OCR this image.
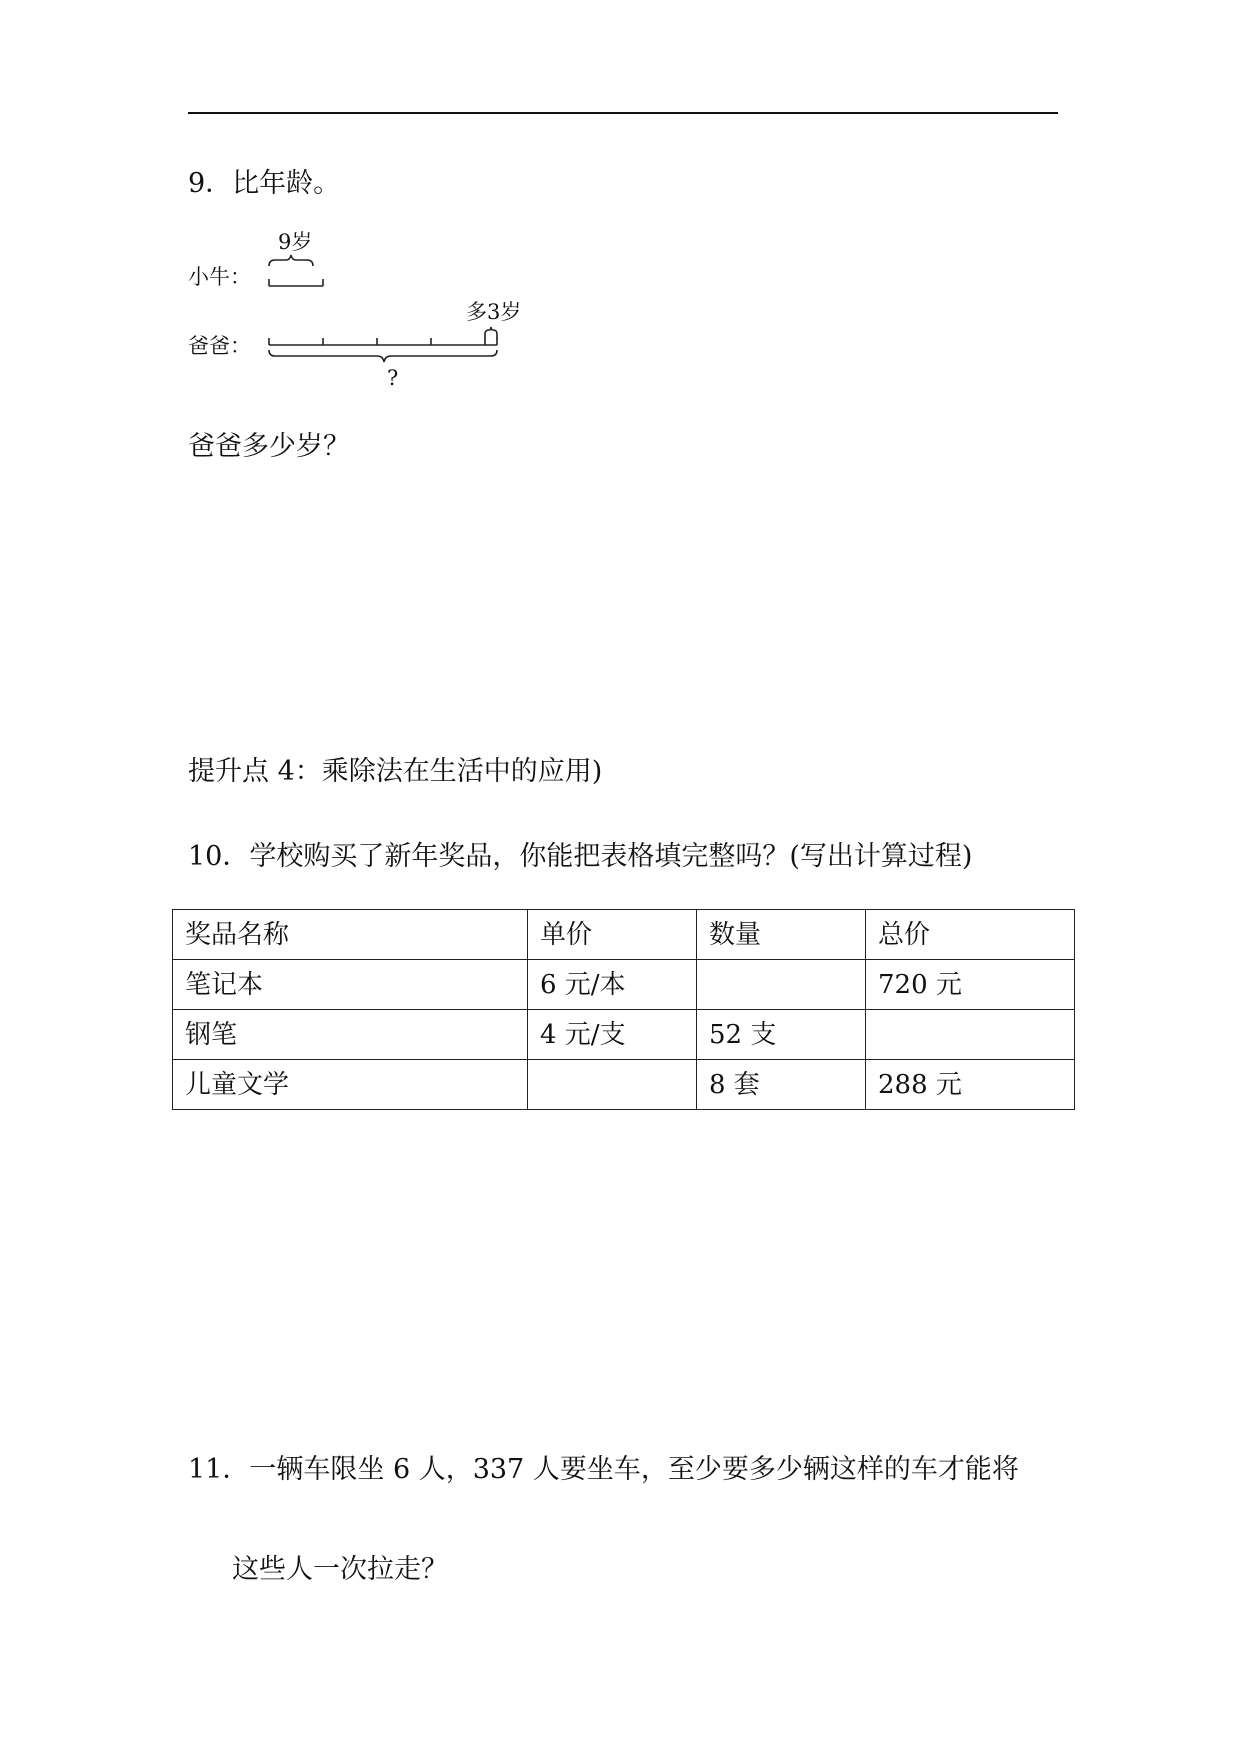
9．比年龄。
9岁
小牛：
多3岁
爸爸：
?
爸爸多少岁？
提升点 4：乘除法在生活中的应用)
10．学校购买了新年奖品，你能把表格填完整吗？(写出计算过程)
奖品名称	单价	数量	总价
笔记本	6 元/本		720 元
钢笔	4 元/支	52 支	
儿童文学		8 套	288 元
11．一辆车限坐 6 人，337 人要坐车，至少要多少辆这样的车才能将
这些人一次拉走？
